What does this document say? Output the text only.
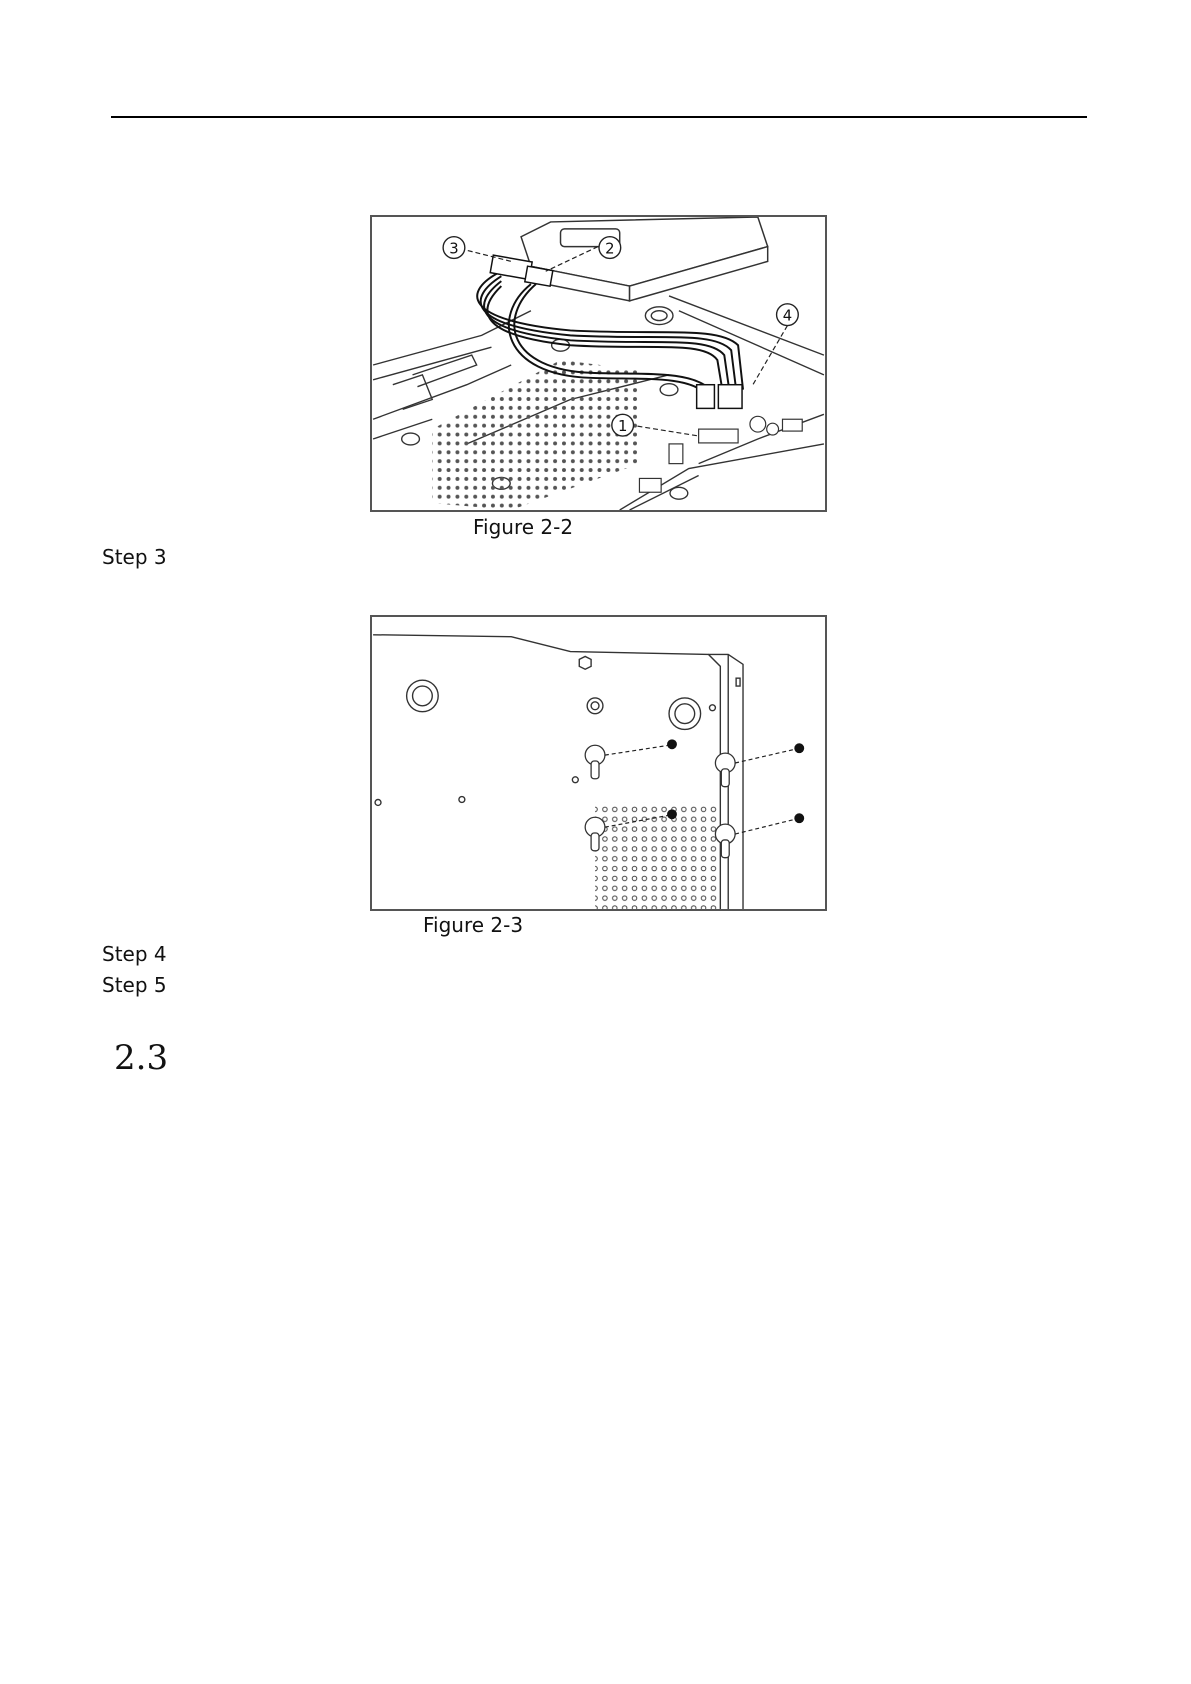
1
2
3
4
Figure 2-2
Step 3
Figure 2-3
Step 4
Step 5
2.3
